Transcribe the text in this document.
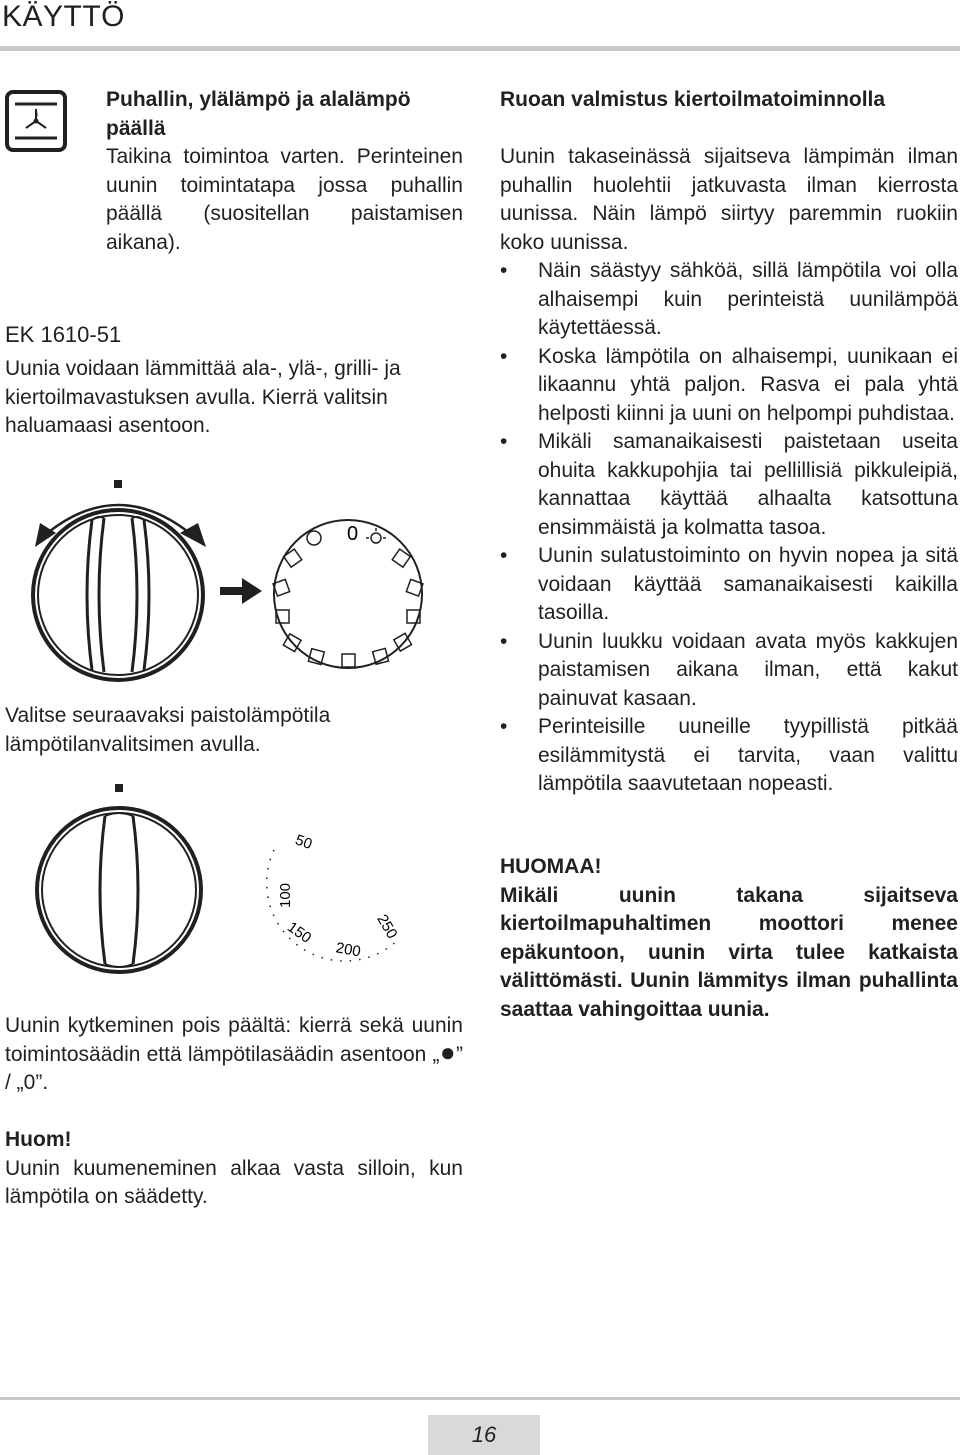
KÄYTTÖ
Puhallin, ylälämpö ja alalämpö päällä
Taikina toimintoa varten. Perinteinen uunin toimintatapa jossa puhallin päällä (suositellan paistamisen aikana).
EK 1610-51
Uunia voidaan lämmittää ala-, ylä-, grilli- ja kiertoilmavastuksen avulla. Kierrä valitsin haluamaasi asentoon.
0
Valitse seuraavaksi paistolämpötila lämpötilanvalitsimen avulla.
50
100
150
200
250
Uunin kytkeminen pois päältä: kierrä sekä uunin toimintosäädin että lämpötilasäädin asentoon „●” / „0”.
Huom!
Uunin kuumeneminen alkaa vasta silloin, kun lämpötila on säädetty.
Ruoan valmistus kiertoilmatoiminnolla
Uunin takaseinässä sijaitseva lämpimän ilman puhallin huolehtii jatkuvasta ilman kierrosta uunissa. Näin lämpö siirtyy paremmin ruokiin koko uunissa.
• Näin säästyy sähköä, sillä lämpötila voi olla alhaisempi kuin perinteistä uunilämpöä käytettäessä.
• Koska lämpötila on alhaisempi, uunikaan ei likaannu yhtä paljon. Rasva ei pala yhtä helposti kiinni ja uuni on helpompi puhdistaa.
• Mikäli samanaikaisesti paistetaan useita ohuita kakkupohjia tai pellillisiä pikkuleipiä, kannattaa käyttää alhaalta katsottuna ensimmäistä ja kolmatta tasoa.
• Uunin sulatustoiminto on hyvin nopea ja sitä voidaan käyttää samanaikaisesti kaikilla tasoilla.
• Uunin luukku voidaan avata myös kakkujen paistamisen aikana ilman, että kakut painuvat kasaan.
• Perinteisille uuneille tyypillistä pitkää esilämmitystä ei tarvita, vaan valittu lämpötila saavutetaan nopeasti.
HUOMAA!
Mikäli uunin takana sijaitseva kiertoilmapuhaltimen moottori menee epäkuntoon, uunin virta tulee katkaista välittömästi. Uunin lämmitys ilman puhallinta saattaa vahingoittaa uunia.
16
